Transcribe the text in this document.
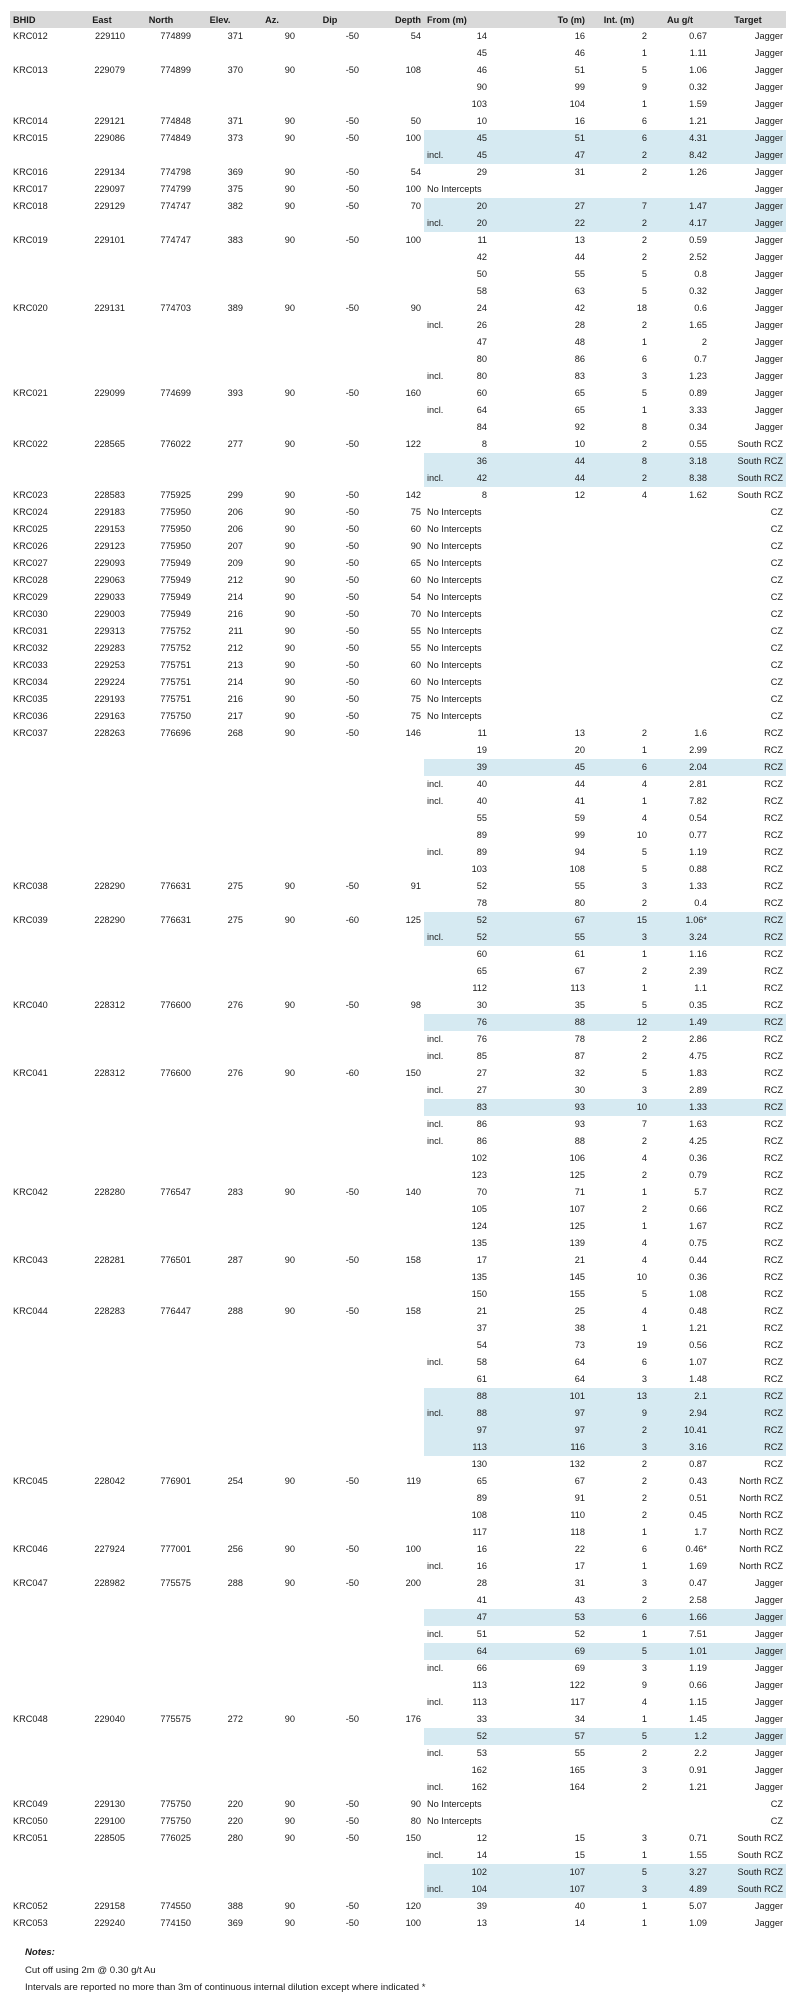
BHID	East	North	Elev.	Az.	Dip	Depth	From (m)	To (m)	Int. (m)	Au g/t	Target
KRC012	229110	774899	371	90	-50	54	14	16	2	0.67	Jagger
							45	46	1	1.11	Jagger
KRC013	229079	774899	370	90	-50	108	46	51	5	1.06	Jagger
							90	99	9	0.32	Jagger
							103	104	1	1.59	Jagger
KRC014	229121	774848	371	90	-50	50	10	16	6	1.21	Jagger
KRC015	229086	774849	373	90	-50	100	45	51	6	4.31	Jagger

							incl. 45	47	2	8.42	Jagger
KRC016	229134	774798	369	90	-50	54	29	31	2	1.26	Jagger
KRC017	229097	774799	375	90	-50	100	No Intercepts				Jagger
KRC018	229129	774747	382	90	-50	70	20	27	7	1.47	Jagger

							incl. 20	22	2	4.17	Jagger
KRC019	229101	774747	383	90	-50	100	11	13	2	0.59	Jagger
							42	44	2	2.52	Jagger
							50	55	5	0.8	Jagger
							58	63	5	0.32	Jagger
KRC020	229131	774703	389	90	-50	90	24	42	18	0.6	Jagger

							incl. 26	28	2	1.65	Jagger
							47	48	1	2	Jagger
							80	86	6	0.7	Jagger

							incl. 80	83	3	1.23	Jagger
KRC021	229099	774699	393	90	-50	160	60	65	5	0.89	Jagger

							incl. 64	65	1	3.33	Jagger
							84	92	8	0.34	Jagger
KRC022	228565	776022	277	90	-50	122	8	10	2	0.55	South RCZ
							36	44	8	3.18	South RCZ

							incl. 42	44	2	8.38	South RCZ
KRC023	228583	775925	299	90	-50	142	8	12	4	1.62	South RCZ
KRC024	229183	775950	206	90	-50	75	No Intercepts				CZ
KRC025	229153	775950	206	90	-50	60	No Intercepts				CZ
KRC026	229123	775950	207	90	-50	90	No Intercepts				CZ
KRC027	229093	775949	209	90	-50	65	No Intercepts				CZ
KRC028	229063	775949	212	90	-50	60	No Intercepts				CZ
KRC029	229033	775949	214	90	-50	54	No Intercepts				CZ
KRC030	229003	775949	216	90	-50	70	No Intercepts				CZ
KRC031	229313	775752	211	90	-50	55	No Intercepts				CZ
KRC032	229283	775752	212	90	-50	55	No Intercepts				CZ
KRC033	229253	775751	213	90	-50	60	No Intercepts				CZ
KRC034	229224	775751	214	90	-50	60	No Intercepts				CZ
KRC035	229193	775751	216	90	-50	75	No Intercepts				CZ
KRC036	229163	775750	217	90	-50	75	No Intercepts				CZ
KRC037	228263	776696	268	90	-50	146	11	13	2	1.6	RCZ
							19	20	1	2.99	RCZ
							39	45	6	2.04	RCZ

							incl. 40	44	4	2.81	RCZ

							incl. 40	41	1	7.82	RCZ
							55	59	4	0.54	RCZ
							89	99	10	0.77	RCZ

							incl. 89	94	5	1.19	RCZ
							103	108	5	0.88	RCZ
KRC038	228290	776631	275	90	-50	91	52	55	3	1.33	RCZ
							78	80	2	0.4	RCZ
KRC039	228290	776631	275	90	-60	125	52	67	15	1.06*	RCZ

							incl. 52	55	3	3.24	RCZ
							60	61	1	1.16	RCZ
							65	67	2	2.39	RCZ
							112	113	1	1.1	RCZ
KRC040	228312	776600	276	90	-50	98	30	35	5	0.35	RCZ
							76	88	12	1.49	RCZ

							incl. 76	78	2	2.86	RCZ

							incl. 85	87	2	4.75	RCZ
KRC041	228312	776600	276	90	-60	150	27	32	5	1.83	RCZ

							incl. 27	30	3	2.89	RCZ
							83	93	10	1.33	RCZ

							incl. 86	93	7	1.63	RCZ

							incl. 86	88	2	4.25	RCZ
							102	106	4	0.36	RCZ
							123	125	2	0.79	RCZ
KRC042	228280	776547	283	90	-50	140	70	71	1	5.7	RCZ
							105	107	2	0.66	RCZ
							124	125	1	1.67	RCZ
							135	139	4	0.75	RCZ
KRC043	228281	776501	287	90	-50	158	17	21	4	0.44	RCZ
							135	145	10	0.36	RCZ
							150	155	5	1.08	RCZ
KRC044	228283	776447	288	90	-50	158	21	25	4	0.48	RCZ
							37	38	1	1.21	RCZ
							54	73	19	0.56	RCZ

							incl. 58	64	6	1.07	RCZ
							61	64	3	1.48	RCZ
							88	101	13	2.1	RCZ

							incl. 88	97	9	2.94	RCZ
							97	97	2	10.41	RCZ
							113	116	3	3.16	RCZ
							130	132	2	0.87	RCZ
KRC045	228042	776901	254	90	-50	119	65	67	2	0.43	North RCZ
							89	91	2	0.51	North RCZ
							108	110	2	0.45	North RCZ
							117	118	1	1.7	North RCZ
KRC046	227924	777001	256	90	-50	100	16	22	6	0.46*	North RCZ

							incl. 16	17	1	1.69	North RCZ
KRC047	228982	775575	288	90	-50	200	28	31	3	0.47	Jagger
							41	43	2	2.58	Jagger
							47	53	6	1.66	Jagger

							incl. 51	52	1	7.51	Jagger
							64	69	5	1.01	Jagger

							incl. 66	69	3	1.19	Jagger
							113	122	9	0.66	Jagger

							incl. 113	117	4	1.15	Jagger
KRC048	229040	775575	272	90	-50	176	33	34	1	1.45	Jagger
							52	57	5	1.2	Jagger

							incl. 53	55	2	2.2	Jagger
							162	165	3	0.91	Jagger

							incl. 162	164	2	1.21	Jagger
KRC049	229130	775750	220	90	-50	90	No Intercepts				CZ
KRC050	229100	775750	220	90	-50	80	No Intercepts				CZ
KRC051	228505	776025	280	90	-50	150	12	15	3	0.71	South RCZ

							incl. 14	15	1	1.55	South RCZ
							102	107	5	3.27	South RCZ

							incl. 104	107	3	4.89	South RCZ
KRC052	229158	774550	388	90	-50	120	39	40	1	5.07	Jagger
KRC053	229240	774150	369	90	-50	100	13	14	1	1.09	Jagger
Notes:
Cut off using 2m @ 0.30 g/t Au
Intervals are reported no more than 3m of continuous internal dilution except where indicated *
